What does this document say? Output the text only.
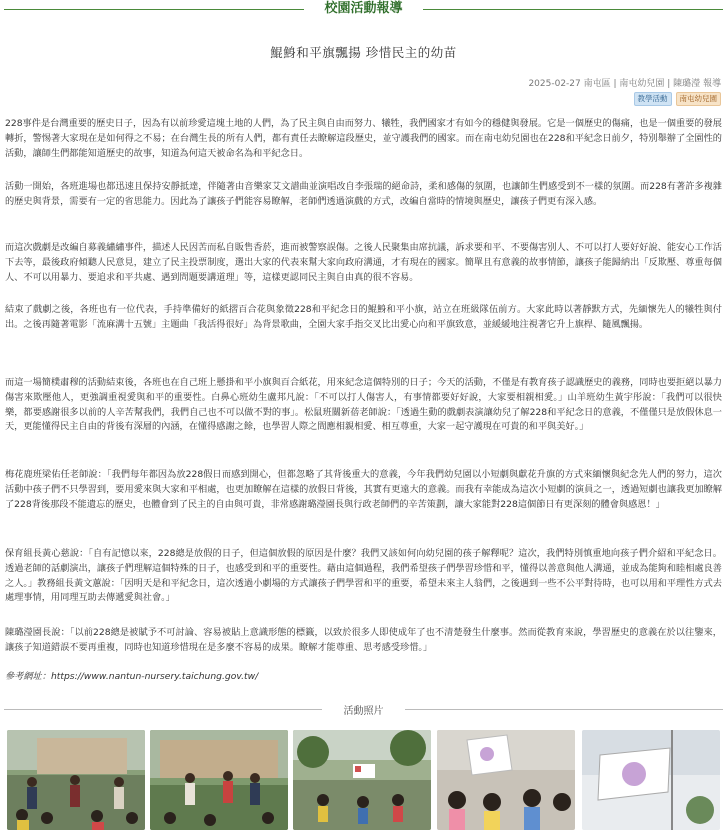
校園活動報導
鯤鯓和平旗飄揚 珍惜民主的幼苗
2025-02-27 南屯區 | 南屯幼兒園 | 陳璐瀅 報導
教學活動	南屯幼兒園

228事件是台灣重要的歷史日子，因為有以前珍愛這塊土地的人們，為了民主與自由而努力、犧牲，我們國家才有如今的穩健與發展。它是一個歷史的傷痛，也是一個重要的發展轉折，警惕著大家現在是如何得之不易；在台灣生長的所有人們，都有責任去瞭解這段歷史，並守護我們的國家。而在南屯幼兒園也在228和平紀念日前夕，特別舉辦了全園性的活動，讓師生們都能知道歷史的故事，知道為何這天被命名為和平紀念日。

活動一開始，各班進場也都迅速且保持安靜抵達，伴隨著由音樂家艾文譜曲並演唱改自李張瑞的絕命詩，柔和感傷的氛圍，也讓師生們感受到不一樣的氛圍。而228有著許多複雜的歷史與背景，需要有一定的省思能力。因此為了讓孩子們能容易瞭解，老師們透過演戲的方式，改編自當時的情境與歷史，讓孩子們更有深入感。

而這次戲劇是改編自募義繡繡事件，描述人民因苦而私自販售香菸，進而被警察誤傷。之後人民聚集由席抗議，訴求要和平、不要傷害別人、不可以打人要好好說、能安心工作活下去等，最後政府傾聽人民意見，建立了民主投票制度，選出大家的代表來幫大家向政府溝通，才有現在的國家。簡單且有意義的故事情節，讓孩子能歸納出「反欺壓、尊重每個人、不可以用暴力、要追求和平共處、遇到問題要講道理」等，這樣更認同民主與自由真的很不容易。

結束了戲劇之後，各班也有一位代表，手持準備好的紙摺百合花與象徵228和平紀念日的鯤鯓和平小旗，站立在班級隊伍前方。大家此時以著靜默方式，先緬懷先人的犧牲與付出。之後再隨著電影「流麻溝十五號」主題曲「我活得很好」為背景歌曲，全園大家手指交叉比出愛心向和平旗致意，並緩緩地注視著它升上旗桿、隨風飄揚。

而這一場簡樸肅穆的活動結束後，各班也在自己班上懸掛和平小旗與百合紙花，用來紀念這個特別的日子；今天的活動，不僅是有教育孩子認識歷史的義務，同時也要拒絕以暴力傷害來欺壓他人，更強調重視愛與和平的重要性。白鼻心班幼生盧邦凡說：「不可以打人傷害人，有事情都要好好說，大家要相親相愛。」山羊班幼生黃宇彤說：「我們可以很快樂，都要感謝很多以前的人辛苦幫我們，我們自己也不可以做不對的事」。松鼠班關新蓓老師說：「透過生動的戲劇表演讓幼兒了解228和平紀念日的意義，不僅僅只是放假休息一天，更能懂得民主自由的背後有深層的內涵，在懂得感謝之餘，也學習人際之間應相親相愛、相互尊重，大家一起守護現在可貴的和平與美好。」

梅花鹿班梁佑任老師說：「我們每年都因為放228假日而感到開心，但都忽略了其背後重大的意義，今年我們幼兒園以小短劇與獻花升旗的方式來緬懷與紀念先人們的努力，這次活動中孩子們不只學習到，要用愛來與大家和平相處，也更加瞭解在這樣的放假日背後，其實有更遠大的意義。而我有幸能成為這次小短劇的演員之一，透過短劇也讓我更加瞭解了228背後那段不能遺忘的歷史，也體會到了民主的自由與可貴，非常感謝璐瀅園長與行政老師們的辛苦策劃，讓大家能對228這個節日有更深刻的體會與感恩！」

保育組長黃心慈說：「自有記憶以來，228總是放假的日子，但這個放假的原因是什麼？我們又該如何向幼兒園的孩子解釋呢？這次，我們特別慎重地向孩子們介紹和平紀念日。透過老師的話劇演出，讓孩子們理解這個特殊的日子，也感受到和平的重要性。藉由這個過程，我們希望孩子們學習珍惜和平，懂得以善意與他人溝通，並成為能夠和睦相處良善之人。」教務組長黃文蕙說：「因明天是和平紀念日，這次透過小劇場的方式讓孩子們學習和平的重要，希望未來主人翁們，之後遇到一些不公平對待時，也可以用和平理性方式去處理事情，用同理互助去傳遞愛與社會。」

陳璐瀅園長說：「以前228總是被賦予不可討論、容易被貼上意識形態的標籤，以致於很多人即使成年了也不清楚發生什麼事。然而從教育來說，學習歷史的意義在於以往鑒來，讓孩子知道錯誤不要再重複，同時也知道珍惜現在是多麼不容易的成果。瞭解才能尊重、思考感受珍惜。」

參考網址：https://www.nantun-nursery.taichung.gov.tw/
活動照片
